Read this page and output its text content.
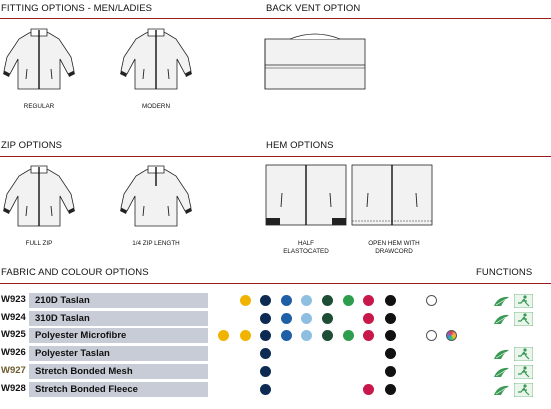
FITTING OPTIONS - MEN/LADIES	BACK VENT OPTION
ZIP OPTIONS	HEM OPTIONS
FABRIC AND COLOUR OPTIONS	FUNCTIONS
REGULAR	MODERN
FULL ZIP	1/4 ZIP LENGTH	HALF
ELASTOCATED
OPEN HEM WITH
DRAWCORD
W923 210D Taslan
W924 310D Taslan
W925 Polyester Microfibre
W926 Polyester Taslan
W927 Stretch Bonded Mesh
W928 Stretch Bonded Fleece
